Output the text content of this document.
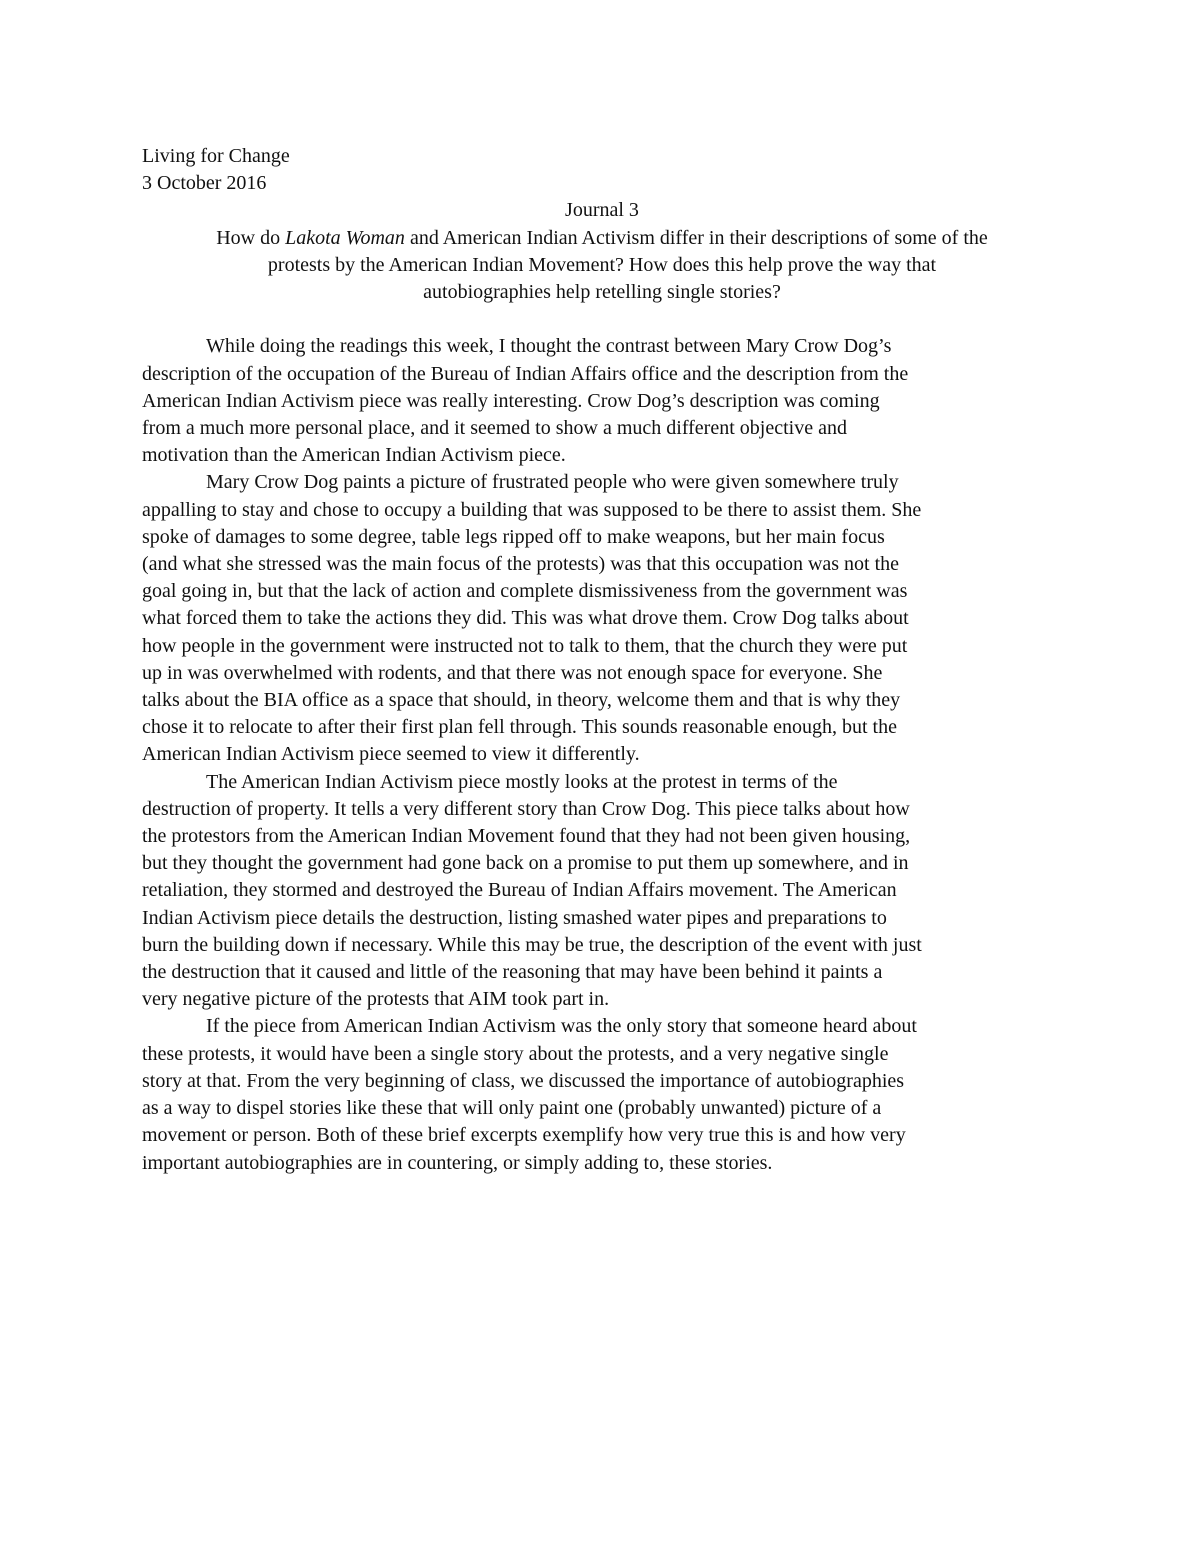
Living for Change

3 October 2016

Journal 3

How do Lakota Woman and American Indian Activism differ in their descriptions of some of the
protests by the American Indian Movement? How does this help prove the way that
autobiographies help retelling single stories?
While doing the readings this week, I thought the contrast between Mary Crow Dog’s
description of the occupation of the Bureau of Indian Affairs office and the description from the
American Indian Activism piece was really interesting. Crow Dog’s description was coming
from a much more personal place, and it seemed to show a much different objective and
motivation than the American Indian Activism piece.
Mary Crow Dog paints a picture of frustrated people who were given somewhere truly
appalling to stay and chose to occupy a building that was supposed to be there to assist them. She
spoke of damages to some degree, table legs ripped off to make weapons, but her main focus
(and what she stressed was the main focus of the protests) was that this occupation was not the
goal going in, but that the lack of action and complete dismissiveness from the government was
what forced them to take the actions they did. This was what drove them. Crow Dog talks about
how people in the government were instructed not to talk to them, that the church they were put
up in was overwhelmed with rodents, and that there was not enough space for everyone. She
talks about the BIA office as a space that should, in theory, welcome them and that is why they
chose it to relocate to after their first plan fell through. This sounds reasonable enough, but the
American Indian Activism piece seemed to view it differently.
The American Indian Activism piece mostly looks at the protest in terms of the
destruction of property. It tells a very different story than Crow Dog. This piece talks about how
the protestors from the American Indian Movement found that they had not been given housing,
but they thought the government had gone back on a promise to put them up somewhere, and in
retaliation, they stormed and destroyed the Bureau of Indian Affairs movement. The American
Indian Activism piece details the destruction, listing smashed water pipes and preparations to
burn the building down if necessary. While this may be true, the description of the event with just
the destruction that it caused and little of the reasoning that may have been behind it paints a
very negative picture of the protests that AIM took part in.
If the piece from American Indian Activism was the only story that someone heard about
these protests, it would have been a single story about the protests, and a very negative single
story at that. From the very beginning of class, we discussed the importance of autobiographies
as a way to dispel stories like these that will only paint one (probably unwanted) picture of a
movement or person. Both of these brief excerpts exemplify how very true this is and how very
important autobiographies are in countering, or simply adding to, these stories.
